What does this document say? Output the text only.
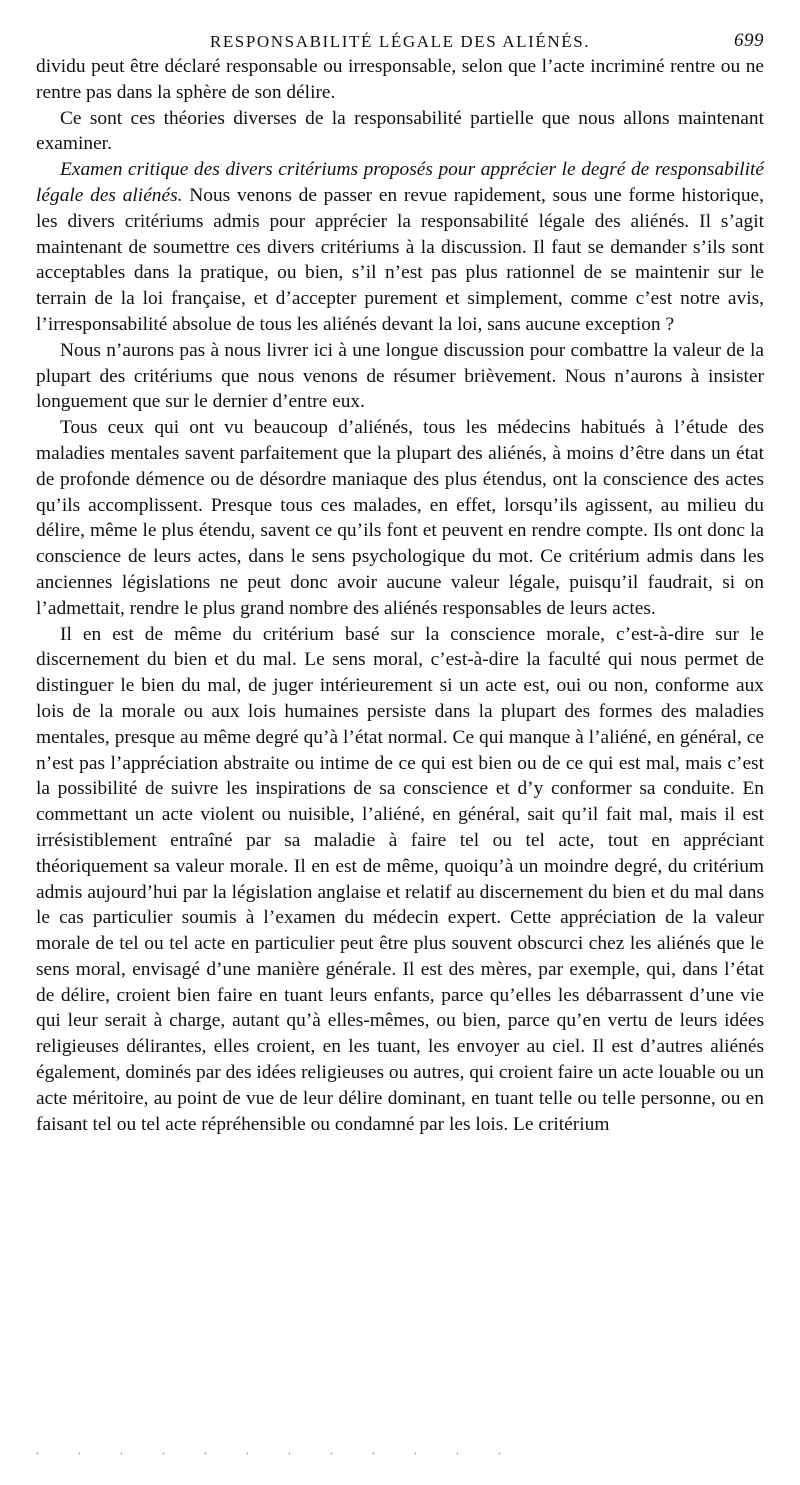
RESPONSABILITÉ LÉGALE DES ALIÉNÉS.	699

dividu peut être déclaré responsable ou irresponsable, selon que l’acte incriminé rentre ou ne rentre pas dans la sphère de son délire.

Ce sont ces théories diverses de la responsabilité partielle que nous allons maintenant examiner.

Examen critique des divers critériums proposés pour apprécier le degré de responsabilité légale des aliénés. Nous venons de passer en revue rapidement, sous une forme historique, les divers critériums admis pour apprécier la responsabilité légale des aliénés. Il s’agit maintenant de soumettre ces divers critériums à la discussion. Il faut se demander s’ils sont acceptables dans la pratique, ou bien, s’il n’est pas plus rationnel de se maintenir sur le terrain de la loi française, et d’accepter purement et simplement, comme c’est notre avis, l’irresponsabilité absolue de tous les aliénés devant la loi, sans aucune exception ?

Nous n’aurons pas à nous livrer ici à une longue discussion pour combattre la valeur de la plupart des critériums que nous venons de résumer brièvement. Nous n’aurons à insister longuement que sur le dernier d’entre eux.

Tous ceux qui ont vu beaucoup d’aliénés, tous les médecins habitués à l’étude des maladies mentales savent parfaitement que la plupart des aliénés, à moins d’être dans un état de profonde démence ou de désordre maniaque des plus étendus, ont la conscience des actes qu’ils accomplissent. Presque tous ces malades, en effet, lorsqu’ils agissent, au milieu du délire, même le plus étendu, savent ce qu’ils font et peuvent en rendre compte. Ils ont donc la conscience de leurs actes, dans le sens psychologique du mot. Ce critérium admis dans les anciennes législations ne peut donc avoir aucune valeur légale, puisqu’il faudrait, si on l’admettait, rendre le plus grand nombre des aliénés responsables de leurs actes.

Il en est de même du critérium basé sur la conscience morale, c’est-à-dire sur le discernement du bien et du mal. Le sens moral, c’est-à-dire la faculté qui nous permet de distinguer le bien du mal, de juger intérieurement si un acte est, oui ou non, conforme aux lois de la morale ou aux lois humaines persiste dans la plupart des formes des maladies mentales, presque au même degré qu’à l’état normal. Ce qui manque à l’aliéné, en général, ce n’est pas l’appréciation abstraite ou intime de ce qui est bien ou de ce qui est mal, mais c’est la possibilité de suivre les inspirations de sa conscience et d’y conformer sa conduite. En commettant un acte violent ou nuisible, l’aliéné, en général, sait qu’il fait mal, mais il est irrésistiblement entraîné par sa maladie à faire tel ou tel acte, tout en appréciant théoriquement sa valeur morale. Il en est de même, quoiqu’à un moindre degré, du critérium admis aujourd’hui par la législation anglaise et relatif au discernement du bien et du mal dans le cas particulier soumis à l’examen du médecin expert. Cette appréciation de la valeur morale de tel ou tel acte en particulier peut être plus souvent obscurci chez les aliénés que le sens moral, envisagé d’une manière générale. Il est des mères, par exemple, qui, dans l’état de délire, croient bien faire en tuant leurs enfants, parce qu’elles les débarrassent d’une vie qui leur serait à charge, autant qu’à elles-mêmes, ou bien, parce qu’en vertu de leurs idées religieuses délirantes, elles croient, en les tuant, les envoyer au ciel. Il est d’autres aliénés également, dominés par des idées religieuses ou autres, qui croient faire un acte louable ou un acte méritoire, au point de vue de leur délire dominant, en tuant telle ou telle personne, ou en faisant tel ou tel acte répréhensible ou condamné par les lois. Le critérium

. . . . . . . . . . . .
